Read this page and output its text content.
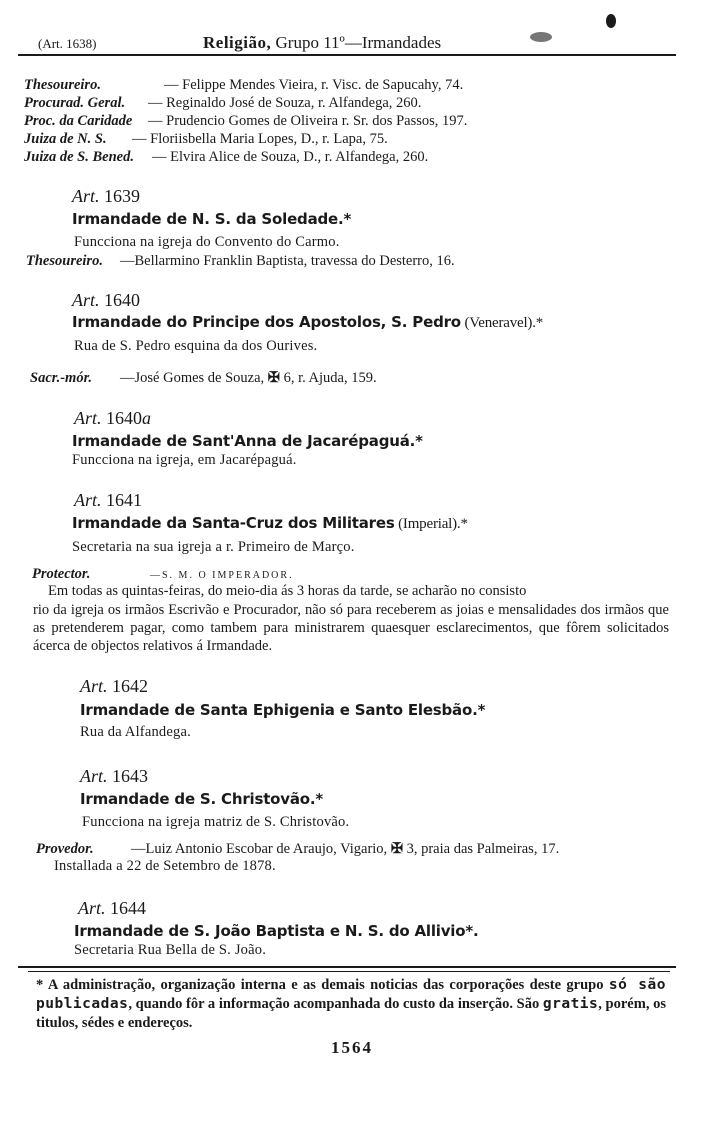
(Art. 1638)	Religião, Grupo 11º—Irmandades
Thesoureiro.	— Felippe Mendes Vieira, r. Visc. de Sapucahy, 74.
Procurad. Geral. — Reginaldo José de Souza, r. Alfandega, 260.
Proc. da Caridade — Prudencio Gomes de Oliveira r. Sr. dos Passos, 197.
Juiza de N. S. — Floriisbella Maria Lopes, D., r. Lapa, 75.
Juiza de S. Bened. — Elvira Alice de Souza, D., r. Alfandega, 260.
Art. 1639
Irmandade de N. S. da Soledade.*
Funcciona na igreja do Convento do Carmo.
Thesoureiro. —Bellarmino Franklin Baptista, travessa do Desterro, 16.
Art. 1640
Irmandade do Principe dos Apostolos, S. Pedro (Veneravel).*
Rua de S. Pedro esquina da dos Ourives.
Sacr.-mór. —José Gomes de Souza, ✠ 6, r. Ajuda, 159.
Art. 1640a
Irmandade de Sant'Anna de Jacarépaguá.*
Funcciona na igreja, em Jacarépaguá.
Art. 1641
Irmandade da Santa-Cruz dos Militares (Imperial).*
Secretaria na sua igreja a r. Primeiro de Março.
Protector.	—S. M. O IMPERADOR.
Em todas as quintas-feiras, do meio-dia ás 3 horas da tarde, se acharão no consisto
rio da igreja os irmãos Escrivão e Procurador, não só para receberem as joias e mensalidades dos irmãos que as pretenderem pagar, como tambem para ministrarem quaesquer esclarecimentos, que fôrem solicitados ácerca de objectos relativos á Irmandade.
Art. 1642
Irmandade de Santa Ephigenia e Santo Elesbão.*
Rua da Alfandega.
Art. 1643
Irmandade de S. Christovão.*
Funcciona na igreja matriz de S. Christovão.
Provedor.	—Luiz Antonio Escobar de Araujo, Vigario, ✠ 3, praia das Palmeiras, 17.
Installada a 22 de Setembro de 1878.
Art. 1644
Irmandade de S. João Baptista e N. S. do Allivio*.
Secretaria Rua Bella de S. João.
* A administração, organização interna e as demais noticias das corporações deste grupo só são publicadas, quando fôr a informação acompanhada do custo da inserção. São gratis, porém, os titulos, sédes e endereços.
1564
